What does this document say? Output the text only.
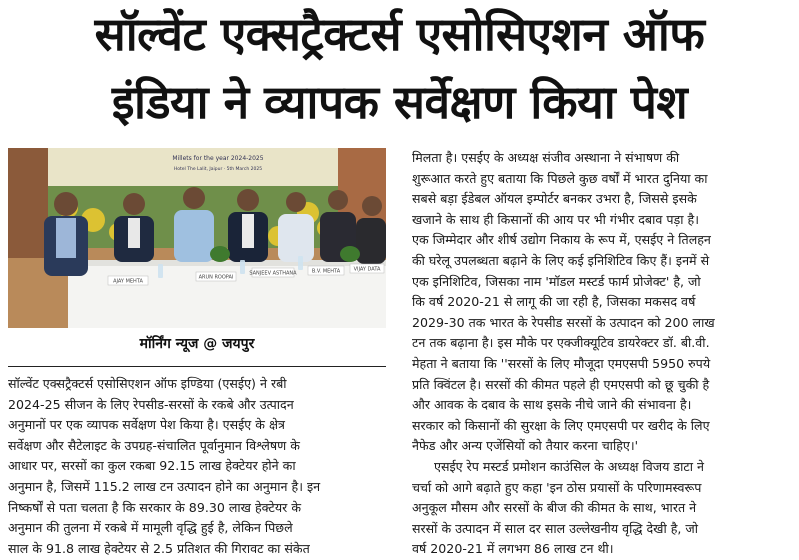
सॉल्वेंट एक्सट्रैक्टर्स एसोसिएशन ऑफ
इंडिया ने व्यापक सर्वेक्षण किया पेश
Millets for the year 2024-2025
Hotel The Lalit, Jaipur · 5th March 2025
AJAY MEHTA
ARUN ROOPAI
SANJEEV ASTHANA	B.V. MEHTA	VIJAY DATA
मॉर्निंग न्यूज @ जयपुर
सॉल्वेंट एक्सट्रैक्टर्स एसोसिएशन ऑफ इण्डिया (एसईए) ने रबी
2024-25 सीजन के लिए रेपसीड-सरसों के रकबे और उत्पादन
अनुमानों पर एक व्यापक सर्वेक्षण पेश किया है। एसईए के क्षेत्र
सर्वेक्षण और सैटेलाइट के उपग्रह-संचालित पूर्वानुमान विश्लेषण के
आधार पर, सरसों का कुल रकबा 92.15 लाख हेक्टेयर होने का
अनुमान है, जिसमें 115.2 लाख टन उत्पादन होने का अनुमान है। इन
निष्कर्षों से पता चलता है कि सरकार के 89.30 लाख हेक्टेयर के
अनुमान की तुलना में रकबे में मामूली वृद्धि हुई है, लेकिन पिछले
साल के 91.8 लाख हेक्टेयर से 2.5 प्रतिशत की गिरावट का संकेत
मिलता है। एसईए के अध्यक्ष संजीव अस्थाना ने संभाषण की
शुरूआत करते हुए बताया कि पिछले कुछ वर्षों में भारत दुनिया का
सबसे बड़ा ईडेबल ऑयल इम्पोर्टर बनकर उभरा है, जिससे इसके
खजाने के साथ ही किसानों की आय पर भी गंभीर दबाव पड़ा है।
एक जिम्मेदार और शीर्ष उद्योग निकाय के रूप में, एसईए ने तिलहन
की घरेलू उपलब्धता बढ़ाने के लिए कई इनिशिटिव किए हैं। इनमें से
एक इनिशिटिव, जिसका नाम 'मॉडल मस्टर्ड फार्म प्रोजेक्ट' है, जो
कि वर्ष 2020-21 से लागू की जा रही है, जिसका मकसद वर्ष
2029-30 तक भारत के रेपसीड सरसों के उत्पादन को 200 लाख
टन तक बढ़ाना है। इस मौके पर एक्जीक्यूटिव डायरेक्टर डॉ. बी.वी.
मेहता ने बताया कि ''सरसों के लिए मौजूदा एमएसपी 5950 रुपये
प्रति क्विंटल है। सरसों की कीमत पहले ही एमएसपी को छू चुकी है
और आवक के दबाव के साथ इसके नीचे जाने की संभावना है।
सरकार को किसानों की सुरक्षा के लिए एमएसपी पर खरीद के लिए
नैफेड और अन्य एजेंसियों को तैयार करना चाहिए।'
एसईए रेप मस्टर्ड प्रमोशन काउंसिल के अध्यक्ष विजय डाटा ने
चर्चा को आगे बढ़ाते हुए कहा 'इन ठोस प्रयासों के परिणामस्वरूप
अनुकूल मौसम और सरसों के बीज की कीमत के साथ, भारत ने
सरसों के उत्पादन में साल दर साल उल्लेखनीय वृद्धि देखी है, जो
वर्ष 2020-21 में लगभग 86 लाख टन थी।
